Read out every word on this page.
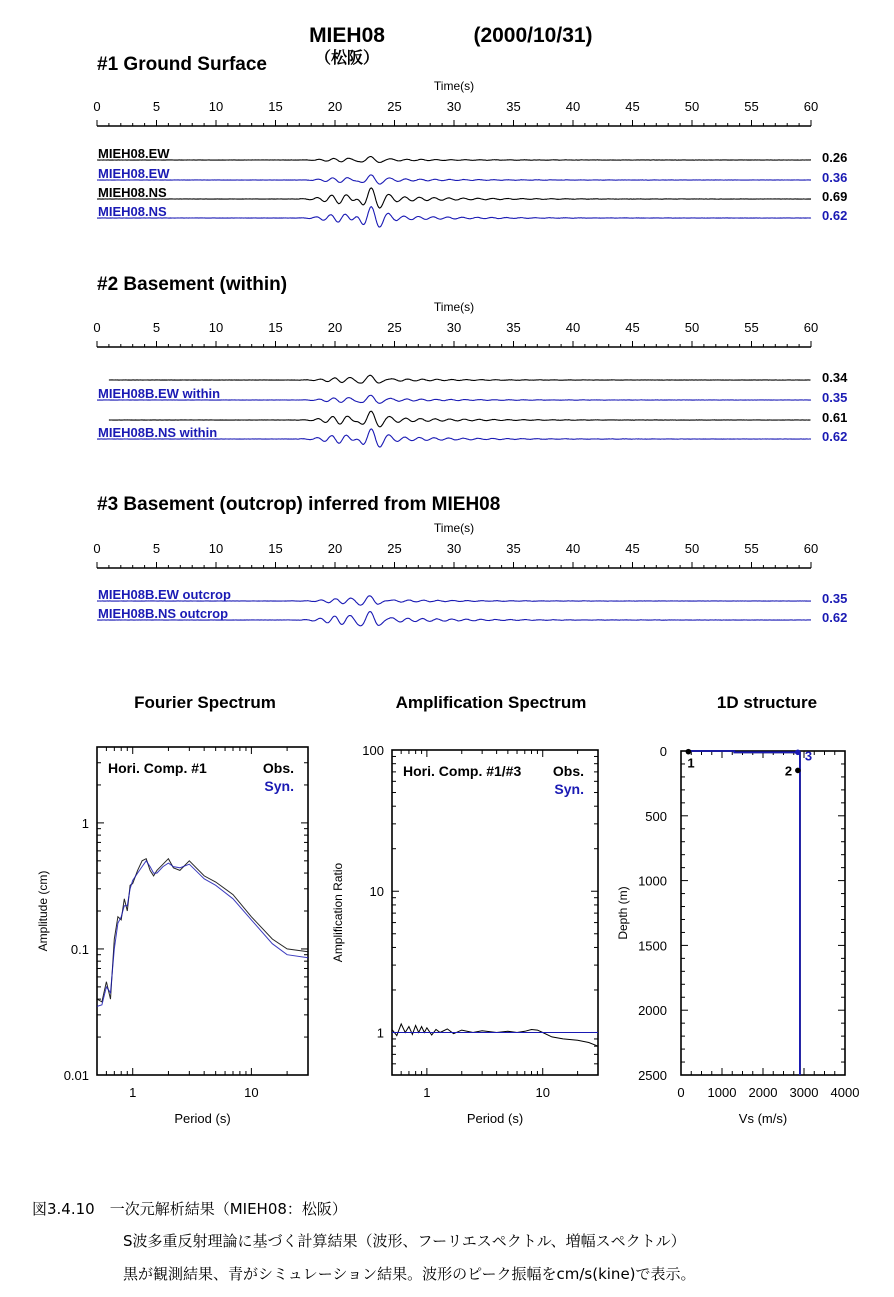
MIEH08	(2000/10/31)
（松阪）
#1 Ground Surface
Time(s)
0	5	10	15	20	25	30	35	40	45	50	55	60
MIEH08.EW	0.26
MIEH08.EW	0.36
MIEH08.NS	0.69
MIEH08.NS	0.62
#2 Basement (within)
Time(s)
0	5	10	15	20	25	30	35	40	45	50	55	60
0.34
MIEH08B.EW within	0.35
0.61
MIEH08B.NS within	0.62
#3 Basement (outcrop) inferred from MIEH08
Time(s)
0	5	10	15	20	25	30	35	40	45	50	55	60
MIEH08B.EW outcrop	0.35
MIEH08B.NS outcrop	0.62
Fourier Spectrum
1	10
0.01
0.1
1
Hori. Comp. #1	Obs.
Syn.
Period (s)
Amplitude (cm)
Amplification Spectrum
1	10
1
10
100
Hori. Comp. #1/#3 Obs.
Syn.
Period (s)
Amplification Ratio
1D structure
0 1000 2000 3000 4000
0
500
1000
1500
2000
2500
Vs (m/s)
Depth (m)
1
2
3
図3.4.10　一次元解析結果（MIEH08：松阪）
S波多重反射理論に基づく計算結果（波形、フーリエスペクトル、増幅スペクトル）
黒が観測結果、青がシミュレーション結果。波形のピーク振幅をcm/s(kine)で表示。
